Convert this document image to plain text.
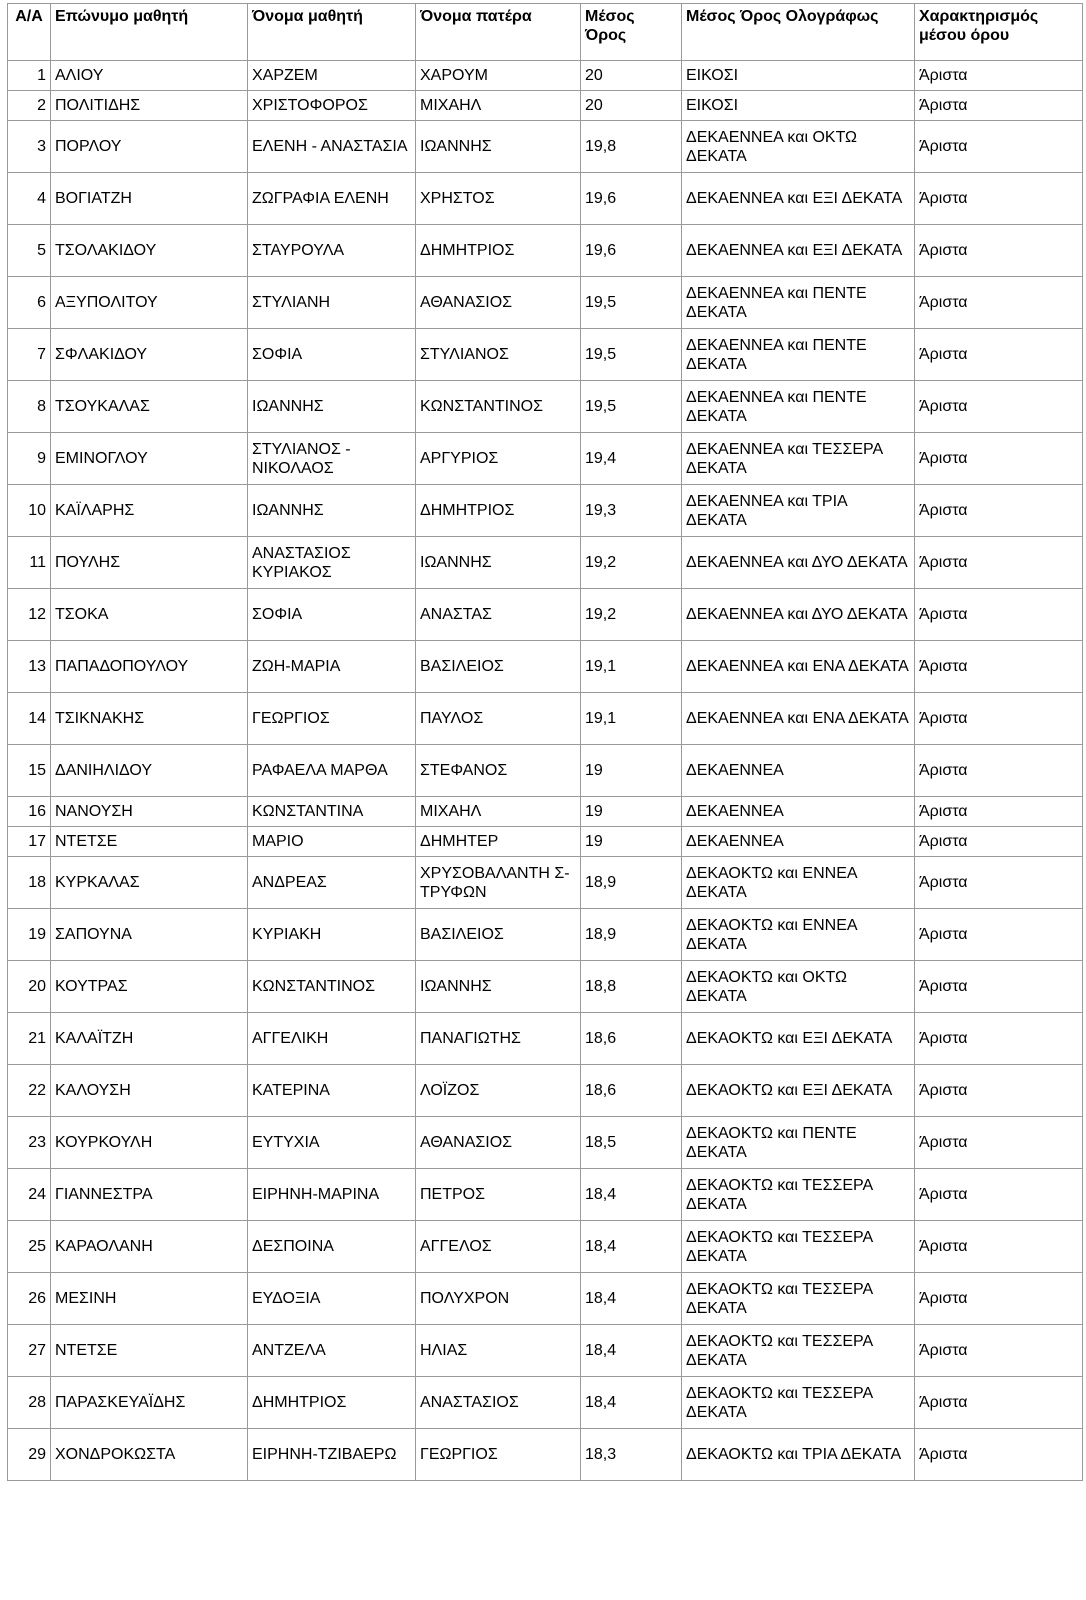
Α/Α	Επώνυμο μαθητή	Όνομα μαθητή	Όνομα πατέρα	Μέσος Όρος	Μέσος Όρος Ολογράφως	Χαρακτηρισμός μέσου όρου
1	ΑΛΙΟΥ	ΧΑΡΖΕΜ	ΧΑΡΟΥΜ	20	ΕΙΚΟΣΙ	Άριστα
2	ΠΟΛΙΤΙΔΗΣ	ΧΡΙΣΤΟΦΟΡΟΣ	ΜΙΧΑΗΛ	20	ΕΙΚΟΣΙ	Άριστα
3	ΠΟΡΛΟΥ	ΕΛΕΝΗ - ΑΝΑΣΤΑΣΙΑ	ΙΩΑΝΝΗΣ	19,8	ΔΕΚΑΕΝΝΕΑ και ΟΚΤΩ ΔΕΚΑΤΑ	Άριστα
4	ΒΟΓΙΑΤΖΗ	ΖΩΓΡΑΦΙΑ ΕΛΕΝΗ	ΧΡΗΣΤΟΣ	19,6	ΔΕΚΑΕΝΝΕΑ και ΕΞΙ ΔΕΚΑΤΑ	Άριστα
5	ΤΣΟΛΑΚΙΔΟΥ	ΣΤΑΥΡΟΥΛΑ	ΔΗΜΗΤΡΙΟΣ	19,6	ΔΕΚΑΕΝΝΕΑ και ΕΞΙ ΔΕΚΑΤΑ	Άριστα
6	ΑΞΥΠΟΛΙΤΟΥ	ΣΤΥΛΙΑΝΗ	ΑΘΑΝΑΣΙΟΣ	19,5	ΔΕΚΑΕΝΝΕΑ και ΠΕΝΤΕ ΔΕΚΑΤΑ	Άριστα
7	ΣΦΛΑΚΙΔΟΥ	ΣΟΦΙΑ	ΣΤΥΛΙΑΝΟΣ	19,5	ΔΕΚΑΕΝΝΕΑ και ΠΕΝΤΕ ΔΕΚΑΤΑ	Άριστα
8	ΤΣΟΥΚΑΛΑΣ	ΙΩΑΝΝΗΣ	ΚΩΝΣΤΑΝΤΙΝΟΣ	19,5	ΔΕΚΑΕΝΝΕΑ και ΠΕΝΤΕ ΔΕΚΑΤΑ	Άριστα
9	ΕΜΙΝΟΓΛΟΥ	ΣΤΥΛΙΑΝΟΣ - ΝΙΚΟΛΑΟΣ	ΑΡΓΥΡΙΟΣ	19,4	ΔΕΚΑΕΝΝΕΑ και ΤΕΣΣΕΡΑ ΔΕΚΑΤΑ	Άριστα
10	ΚΑΪΛΑΡΗΣ	ΙΩΑΝΝΗΣ	ΔΗΜΗΤΡΙΟΣ	19,3	ΔΕΚΑΕΝΝΕΑ και ΤΡΙΑ ΔΕΚΑΤΑ	Άριστα
11	ΠΟΥΛΗΣ	ΑΝΑΣΤΑΣΙΟΣ ΚΥΡΙΑΚΟΣ	ΙΩΑΝΝΗΣ	19,2	ΔΕΚΑΕΝΝΕΑ και ΔΥΟ ΔΕΚΑΤΑ	Άριστα
12	ΤΣΟΚΑ	ΣΟΦΙΑ	ΑΝΑΣΤΑΣ	19,2	ΔΕΚΑΕΝΝΕΑ και ΔΥΟ ΔΕΚΑΤΑ	Άριστα
13	ΠΑΠΑΔΟΠΟΥΛΟΥ	ΖΩΗ-ΜΑΡΙΑ	ΒΑΣΙΛΕΙΟΣ	19,1	ΔΕΚΑΕΝΝΕΑ και ΕΝΑ ΔΕΚΑΤΑ	Άριστα
14	ΤΣΙΚΝΑΚΗΣ	ΓΕΩΡΓΙΟΣ	ΠΑΥΛΟΣ	19,1	ΔΕΚΑΕΝΝΕΑ και ΕΝΑ ΔΕΚΑΤΑ	Άριστα
15	ΔΑΝΙΗΛΙΔΟΥ	ΡΑΦΑΕΛΑ ΜΑΡΘΑ	ΣΤΕΦΑΝΟΣ	19	ΔΕΚΑΕΝΝΕΑ	Άριστα
16	ΝΑΝΟΥΣΗ	ΚΩΝΣΤΑΝΤΙΝΑ	ΜΙΧΑΗΛ	19	ΔΕΚΑΕΝΝΕΑ	Άριστα
17	ΝΤΕΤΣΕ	ΜΑΡΙΟ	ΔΗΜΗΤΕΡ	19	ΔΕΚΑΕΝΝΕΑ	Άριστα
18	ΚΥΡΚΑΛΑΣ	ΑΝΔΡΕΑΣ	ΧΡΥΣΟΒΑΛΑΝΤΗ Σ-ΤΡΥΦΩΝ	18,9	ΔΕΚΑΟΚΤΩ και ΕΝΝΕΑ ΔΕΚΑΤΑ	Άριστα
19	ΣΑΠΟΥΝΑ	ΚΥΡΙΑΚΗ	ΒΑΣΙΛΕΙΟΣ	18,9	ΔΕΚΑΟΚΤΩ και ΕΝΝΕΑ ΔΕΚΑΤΑ	Άριστα
20	ΚΟΥΤΡΑΣ	ΚΩΝΣΤΑΝΤΙΝΟΣ	ΙΩΑΝΝΗΣ	18,8	ΔΕΚΑΟΚΤΩ και ΟΚΤΩ ΔΕΚΑΤΑ	Άριστα
21	ΚΑΛΑΪΤΖΗ	ΑΓΓΕΛΙΚΗ	ΠΑΝΑΓΙΩΤΗΣ	18,6	ΔΕΚΑΟΚΤΩ και ΕΞΙ ΔΕΚΑΤΑ	Άριστα
22	ΚΑΛΟΥΣΗ	ΚΑΤΕΡΙΝΑ	ΛΟΪΖΟΣ	18,6	ΔΕΚΑΟΚΤΩ και ΕΞΙ ΔΕΚΑΤΑ	Άριστα
23	ΚΟΥΡΚΟΥΛΗ	ΕΥΤΥΧΙΑ	ΑΘΑΝΑΣΙΟΣ	18,5	ΔΕΚΑΟΚΤΩ και ΠΕΝΤΕ ΔΕΚΑΤΑ	Άριστα
24	ΓΙΑΝΝΕΣΤΡΑ	ΕΙΡΗΝΗ-ΜΑΡΙΝΑ	ΠΕΤΡΟΣ	18,4	ΔΕΚΑΟΚΤΩ και ΤΕΣΣΕΡΑ ΔΕΚΑΤΑ	Άριστα
25	ΚΑΡΑΟΛΑΝΗ	ΔΕΣΠΟΙΝΑ	ΑΓΓΕΛΟΣ	18,4	ΔΕΚΑΟΚΤΩ και ΤΕΣΣΕΡΑ ΔΕΚΑΤΑ	Άριστα
26	ΜΕΣΙΝΗ	ΕΥΔΟΞΙΑ	ΠΟΛΥΧΡΟΝ	18,4	ΔΕΚΑΟΚΤΩ και ΤΕΣΣΕΡΑ ΔΕΚΑΤΑ	Άριστα
27	ΝΤΕΤΣΕ	ΑΝΤΖΕΛΑ	ΗΛΙΑΣ	18,4	ΔΕΚΑΟΚΤΩ και ΤΕΣΣΕΡΑ ΔΕΚΑΤΑ	Άριστα
28	ΠΑΡΑΣΚΕΥΑΪΔΗΣ	ΔΗΜΗΤΡΙΟΣ	ΑΝΑΣΤΑΣΙΟΣ	18,4	ΔΕΚΑΟΚΤΩ και ΤΕΣΣΕΡΑ ΔΕΚΑΤΑ	Άριστα
29	ΧΟΝΔΡΟΚΩΣΤΑ	ΕΙΡΗΝΗ-ΤΖΙΒΑΕΡΩ	ΓΕΩΡΓΙΟΣ	18,3	ΔΕΚΑΟΚΤΩ και ΤΡΙΑ ΔΕΚΑΤΑ	Άριστα
